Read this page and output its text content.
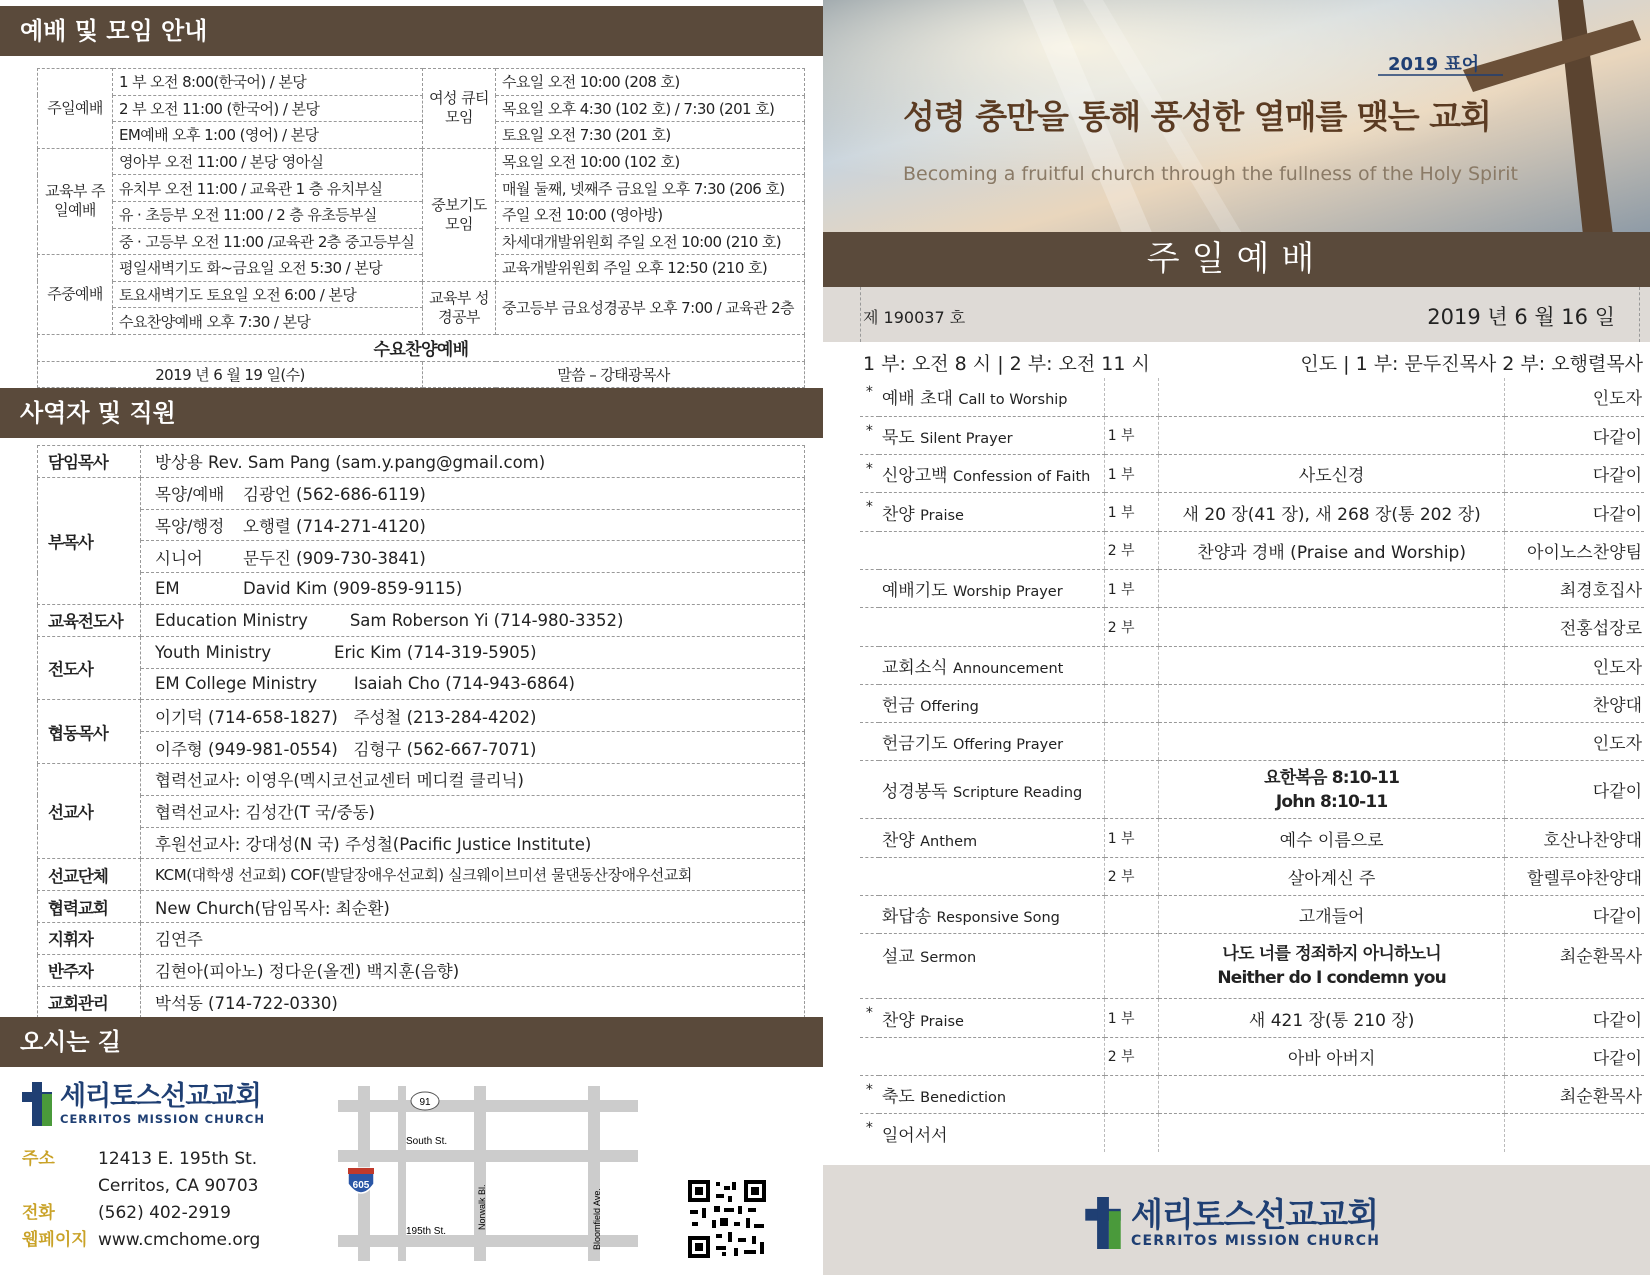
예배 및 모임 안내
주일예배	1 부 오전 8:00(한국어) / 본당	여성 큐티모임	수요일 오전 10:00 (208 호)
	2 부 오전 11:00 (한국어) / 본당		목요일 오후 4:30 (102 호) / 7:30 (201 호)
	EM예배 오후 1:00 (영어) / 본당		토요일 오전 7:30 (201 호)
교육부 주일예배	영아부 오전 11:00 / 본당 영아실	중보기도 모임	목요일 오전 10:00 (102 호)
	유치부 오전 11:00 / 교육관 1 층 유치부실		매월 둘째, 넷째주 금요일 오후 7:30 (206 호)
	유 · 초등부 오전 11:00 / 2 층 유초등부실		주일 오전 10:00 (영아방)
	중 · 고등부 오전 11:00 /교육관 2층 중고등부실		차세대개발위원회 주일 오전 10:00 (210 호)
주중예배	평일새벽기도 화~금요일 오전 5:30 / 본당		교육개발위원회 주일 오후 12:50 (210 호)
	토요새벽기도 토요일 오전 6:00 / 본당	교육부 성경공부	중고등부 금요성경공부 오후 7:00 / 교육관 2층
	수요찬양예배 오후 7:30 / 본당		
수요찬양예배			
2019 년 6 월 19 일(수)		말씀 – 강태광목사	
사역자 및 직원
담임목사	방상용 Rev. Sam Pang (sam.y.pang@gmail.com)
부목사	목양/예배 김광언 (562-686-6119)
	목양/행정 오행렬 (714-271-4120)
	시니어 문두진 (909-730-3841)
	EM David Kim (909-859-9115)
교육전도사	Education Ministry        Sam Roberson Yi (714-980-3352)
전도사	Youth Ministry            Eric Kim (714-319-5905)
	EM College Ministry       Isaiah Cho (714-943-6864)
협동목사	이기덕 (714-658-1827)   주성철 (213-284-4202)
	이주형 (949-981-0554)   김형구 (562-667-7071)
선교사	협력선교사: 이영우(멕시코선교센터 메디컬 클리닉)
	협력선교사: 김성간(T 국/중동)
	후원선교사: 강대성(N 국) 주성철(Pacific Justice Institute)
선교단체	KCM(대학생 선교회) COF(발달장애우선교회) 실크웨이브미션 물댄동산장애우선교회
협력교회	New Church(담임목사: 최순환)
지휘자	김연주
반주자	김현아(피아노) 정다운(올겐) 백지훈(음향)
교회관리	박석동 (714-722-0330)
오시는 길
세리토스선교교회
CERRITOS MISSION CHURCH
주소	12413 E. 195th St.
Cerritos, CA 90703
전화	(562) 402-2919
웹페이지 www.cmchome.org
91
South St.
195th St.
Norwalk Bl.	Bloomfield Ave.
605
2019 표어
성령 충만을 통해 풍성한 열매를 맺는 교회
Becoming a fruitful church through the fullness of the Holy Spirit
주일예배
제 190037 호	2019 년 6 월 16 일
1 부: 오전 8 시 | 2 부: 오전 11 시	인도 | 1 부: 문두진목사 2 부: 오행렬목사
*	예배 초대 Call to Worship			인도자
*	묵도 Silent Prayer	1 부		다같이
*	신앙고백 Confession of Faith	1 부	사도신경	다같이
*	찬양 Praise	1 부	새 20 장(41 장), 새 268 장(통 202 장)	다같이
		2 부	찬양과 경배 (Praise and Worship)	아이노스찬양팀
	예배기도 Worship Prayer	1 부		최경호집사
		2 부		전홍섭장로
	교회소식 Announcement			인도자
	헌금 Offering			찬양대
	헌금기도 Offering Prayer			인도자
	성경봉독 Scripture Reading		요한복음 8:10-11
John 8:10-11	다같이
	찬양 Anthem	1 부	예수 이름으로	호산나찬양대
		2 부	살아계신 주	할렐루야찬양대
	화답송 Responsive Song		고개들어	다같이
	설교 Sermon		나도 너를 정죄하지 아니하노니
Neither do I condemn you	최순환목사
*	찬양 Praise	1 부	새 421 장(통 210 장)	다같이
		2 부	아바 아버지	다같이
*	축도 Benediction			최순환목사
*	일어서서			
세리토스선교교회
CERRITOS MISSION CHURCH
